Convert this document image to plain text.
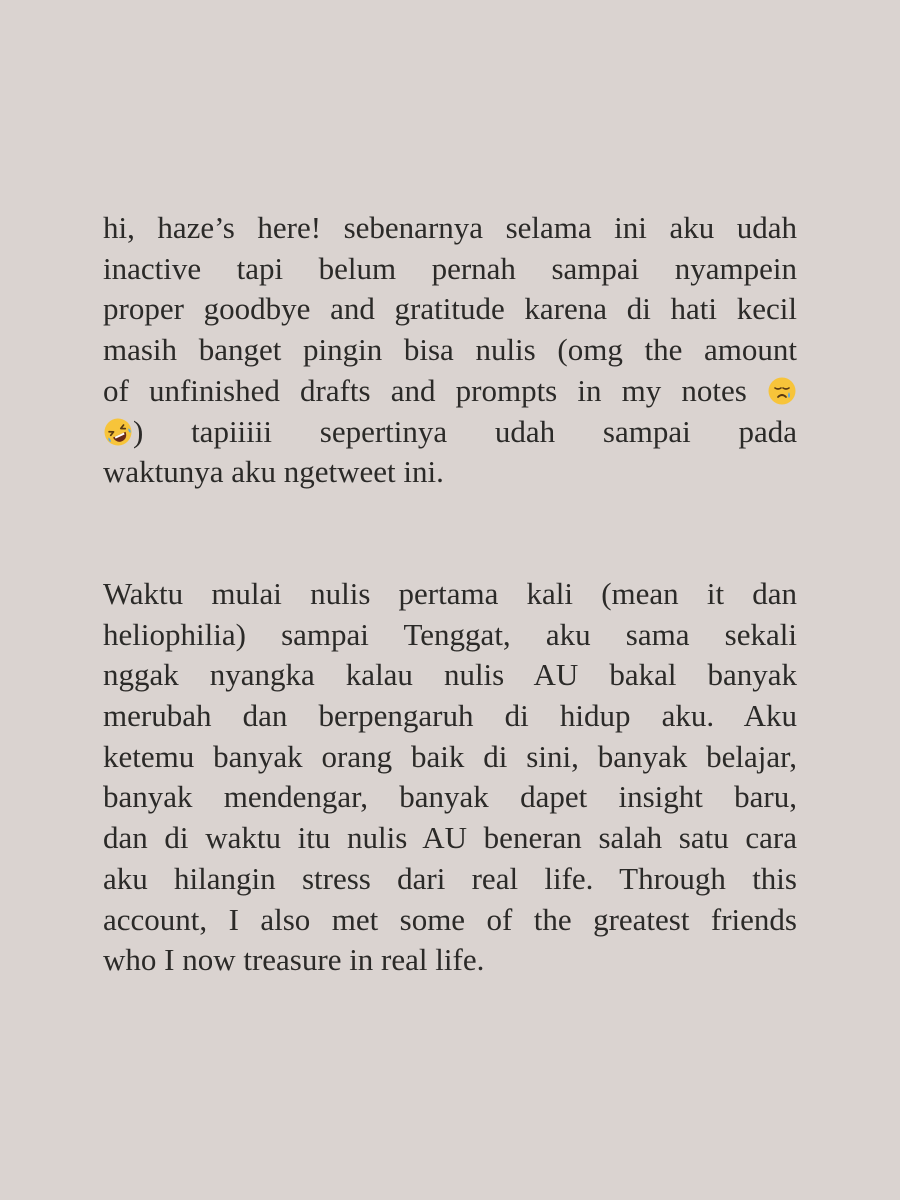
hi, haze’s here! sebenarnya selama ini aku udah
inactive tapi belum pernah sampai nyampein
proper goodbye and gratitude karena di hati kecil
masih banget pingin bisa nulis (omg the amount
of unfinished drafts and prompts in my notes
) tapiiiii sepertinya udah sampai pada
waktunya aku ngetweet ini.
Waktu mulai nulis pertama kali (mean it dan
heliophilia) sampai Tenggat, aku sama sekali
nggak nyangka kalau nulis AU bakal banyak
merubah dan berpengaruh di hidup aku. Aku
ketemu banyak orang baik di sini, banyak belajar,
banyak mendengar, banyak dapet insight baru,
dan di waktu itu nulis AU beneran salah satu cara
aku hilangin stress dari real life. Through this
account, I also met some of the greatest friends
who I now treasure in real life.
